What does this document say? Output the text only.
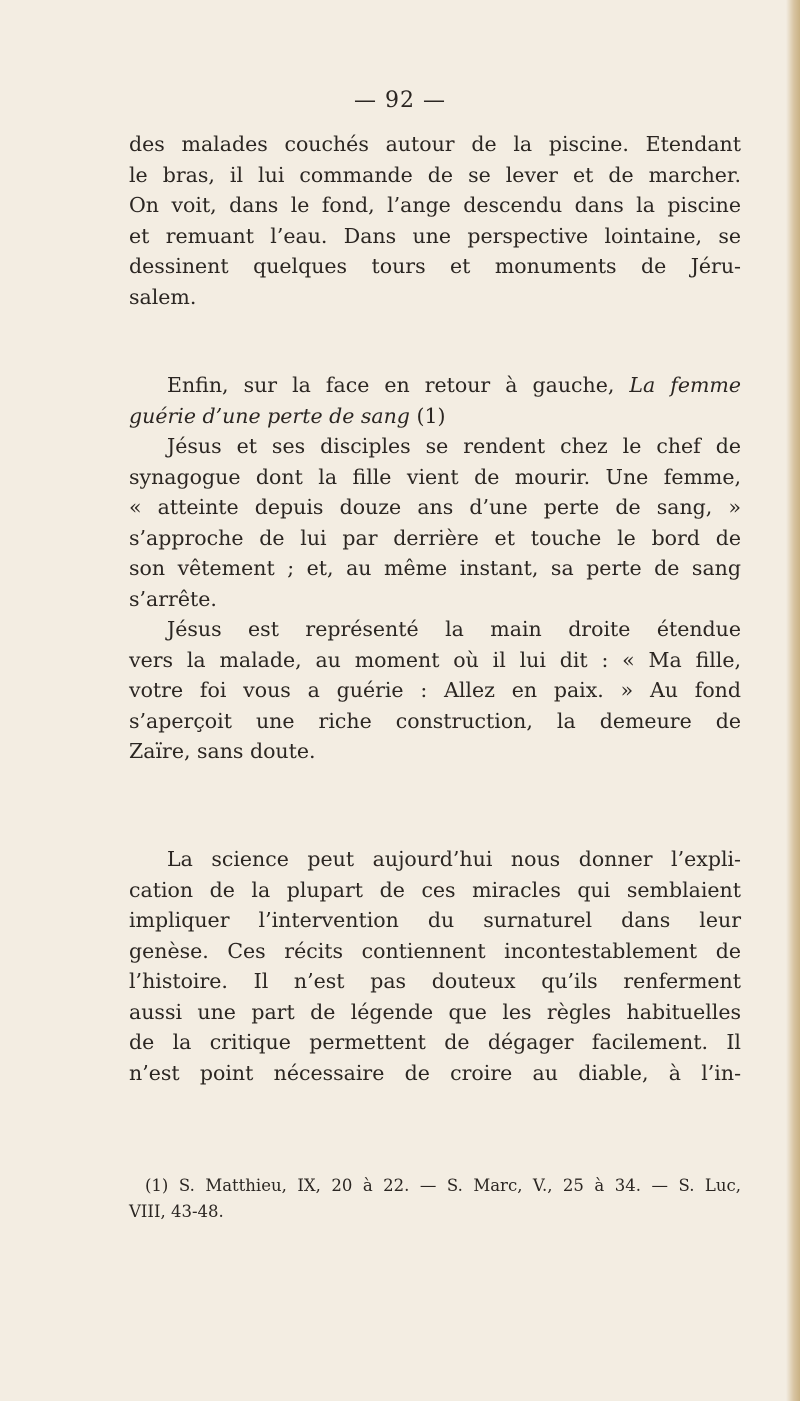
— 92 —
des malades couchés autour de la piscine. Etendant
le bras, il lui commande de se lever et de marcher.
On voit, dans le fond, l’ange descendu dans la piscine
et remuant l’eau. Dans une perspective lointaine, se
dessinent quelques tours et monuments de Jéru-
salem.
Enfin, sur la face en retour à gauche, La femme
guérie d’une perte de sang (1)
Jésus et ses disciples se rendent chez le chef de
synagogue dont la fille vient de mourir. Une femme,
« atteinte depuis douze ans d’une perte de sang, »
s’approche de lui par derrière et touche le bord de
son vêtement ; et, au même instant, sa perte de sang
s’arrête.
Jésus est représenté la main droite étendue
vers la malade, au moment où il lui dit : « Ma fille,
votre foi vous a guérie : Allez en paix. » Au fond
s’aperçoit une riche construction, la demeure de
Zaïre, sans doute.
La science peut aujourd’hui nous donner l’expli-
cation de la plupart de ces miracles qui semblaient
impliquer l’intervention du surnaturel dans leur
genèse. Ces récits contiennent incontestablement de
l’histoire. Il n’est pas douteux qu’ils renferment
aussi une part de légende que les règles habituelles
de la critique permettent de dégager facilement. Il
n’est point nécessaire de croire au diable, à l’in-
(1) S. Matthieu, IX, 20 à 22. — S. Marc, V., 25 à 34. — S. Luc,
VIII, 43-48.
